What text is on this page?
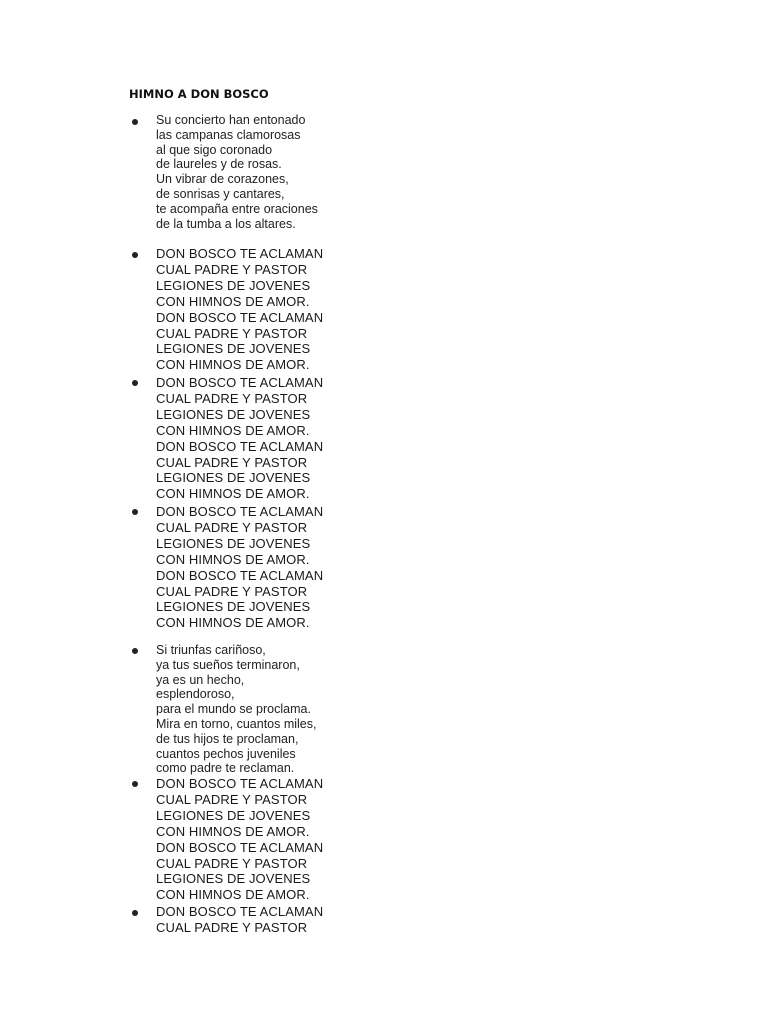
HIMNO A DON BOSCO
Su concierto han entonado
las campanas clamorosas
al que sigo coronado
de laureles y de rosas.
Un vibrar de corazones,
de sonrisas y cantares,
te acompaña entre oraciones
de la tumba a los altares.
DON BOSCO TE ACLAMAN
CUAL PADRE Y PASTOR
LEGIONES DE JOVENES
CON HIMNOS DE AMOR.
DON BOSCO TE ACLAMAN
CUAL PADRE Y PASTOR
LEGIONES DE JOVENES
CON HIMNOS DE AMOR.
DON BOSCO TE ACLAMAN
CUAL PADRE Y PASTOR
LEGIONES DE JOVENES
CON HIMNOS DE AMOR.
DON BOSCO TE ACLAMAN
CUAL PADRE Y PASTOR
LEGIONES DE JOVENES
CON HIMNOS DE AMOR.
DON BOSCO TE ACLAMAN
CUAL PADRE Y PASTOR
LEGIONES DE JOVENES
CON HIMNOS DE AMOR.
DON BOSCO TE ACLAMAN
CUAL PADRE Y PASTOR
LEGIONES DE JOVENES
CON HIMNOS DE AMOR.
Si triunfas cariñoso,
ya tus sueños terminaron,
ya es un hecho,
esplendoroso,
para el mundo se proclama.
Mira en torno, cuantos miles,
de tus hijos te proclaman,
cuantos pechos juveniles
como padre te reclaman.
DON BOSCO TE ACLAMAN
CUAL PADRE Y PASTOR
LEGIONES DE JOVENES
CON HIMNOS DE AMOR.
DON BOSCO TE ACLAMAN
CUAL PADRE Y PASTOR
LEGIONES DE JOVENES
CON HIMNOS DE AMOR.
DON BOSCO TE ACLAMAN
CUAL PADRE Y PASTOR
